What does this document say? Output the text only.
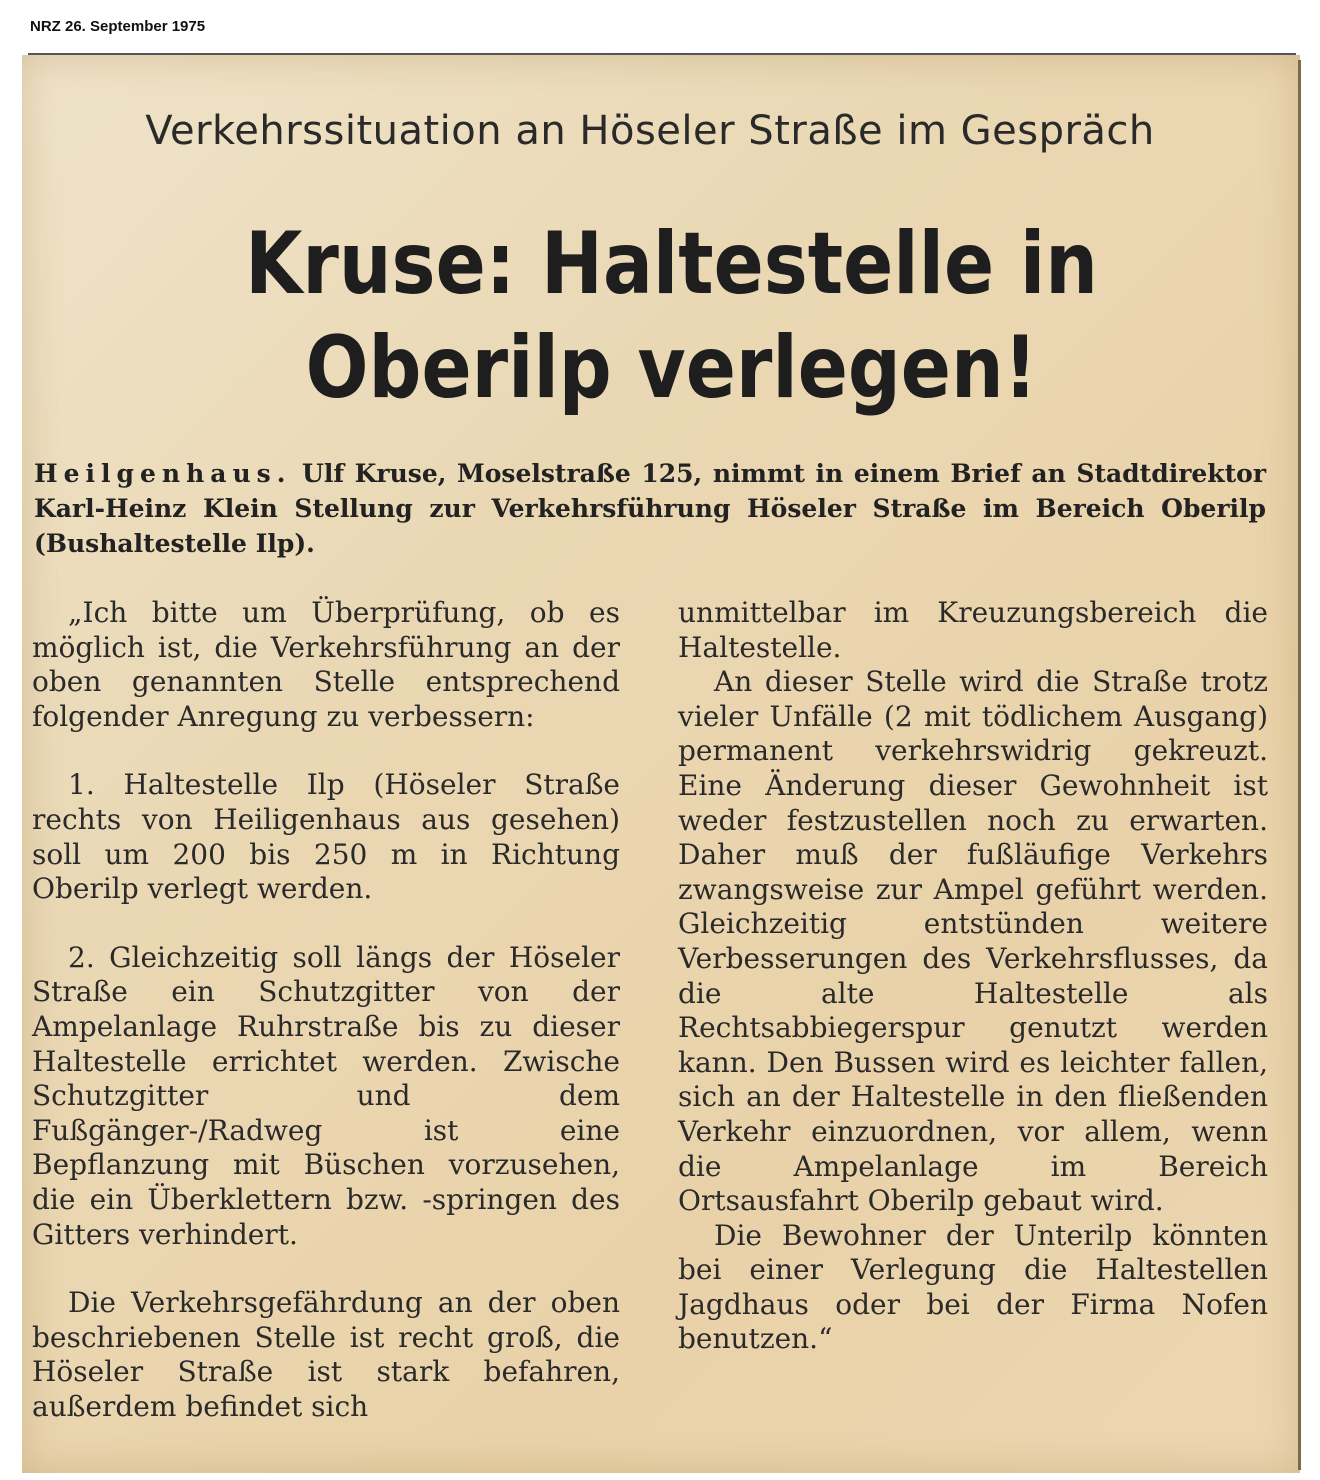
NRZ 26. September 1975
Verkehrssituation an Höseler Straße im Gespräch
Kruse: Haltestelle in
Oberilp verlegen!
Heilgenhaus. Ulf Kruse, Moselstraße 125, nimmt in einem Brief an Stadtdirektor Karl-Heinz Klein Stellung zur Verkehrsführung Höseler Straße im Bereich Oberilp (Bushaltestelle Ilp).

„Ich bitte um Überprüfung, ob es möglich ist, die Verkehrsführung an der oben genannten Stelle entsprechend folgender Anregung zu verbessern:

1. Haltestelle Ilp (Höseler Straße rechts von Heiligenhaus aus gesehen) soll um 200 bis 250 m in Richtung Oberilp verlegt werden.

2. Gleichzeitig soll längs der Höseler Straße ein Schutzgitter von der Ampelanlage Ruhrstraße bis zu dieser Haltestelle errichtet werden. Zwische Schutzgitter und dem Fußgänger-/Radweg ist eine Bepflanzung mit Büschen vorzusehen, die ein Überklettern bzw. -springen des Gitters verhindert.

Die Verkehrsgefährdung an der oben beschriebenen Stelle ist recht groß, die Höseler Straße ist stark befahren, außerdem befindet sich

unmittelbar im Kreuzungsbereich die Haltestelle.

An dieser Stelle wird die Straße trotz vieler Unfälle (2 mit tödlichem Ausgang) permanent verkehrswidrig gekreuzt. Eine Änderung dieser Gewohnheit ist weder festzustellen noch zu erwarten. Daher muß der fußläufige Verkehrs zwangsweise zur Ampel geführt werden. Gleichzeitig entstünden weitere Verbesserungen des Verkehrsflusses, da die alte Haltestelle als Rechtsabbiegerspur genutzt werden kann. Den Bussen wird es leichter fallen, sich an der Haltestelle in den fließenden Verkehr einzuordnen, vor allem, wenn die Ampelanlage im Bereich Ortsausfahrt Oberilp gebaut wird.

Die Bewohner der Unterilp könnten bei einer Verlegung die Haltestellen Jagdhaus oder bei der Firma Nofen benutzen.“
